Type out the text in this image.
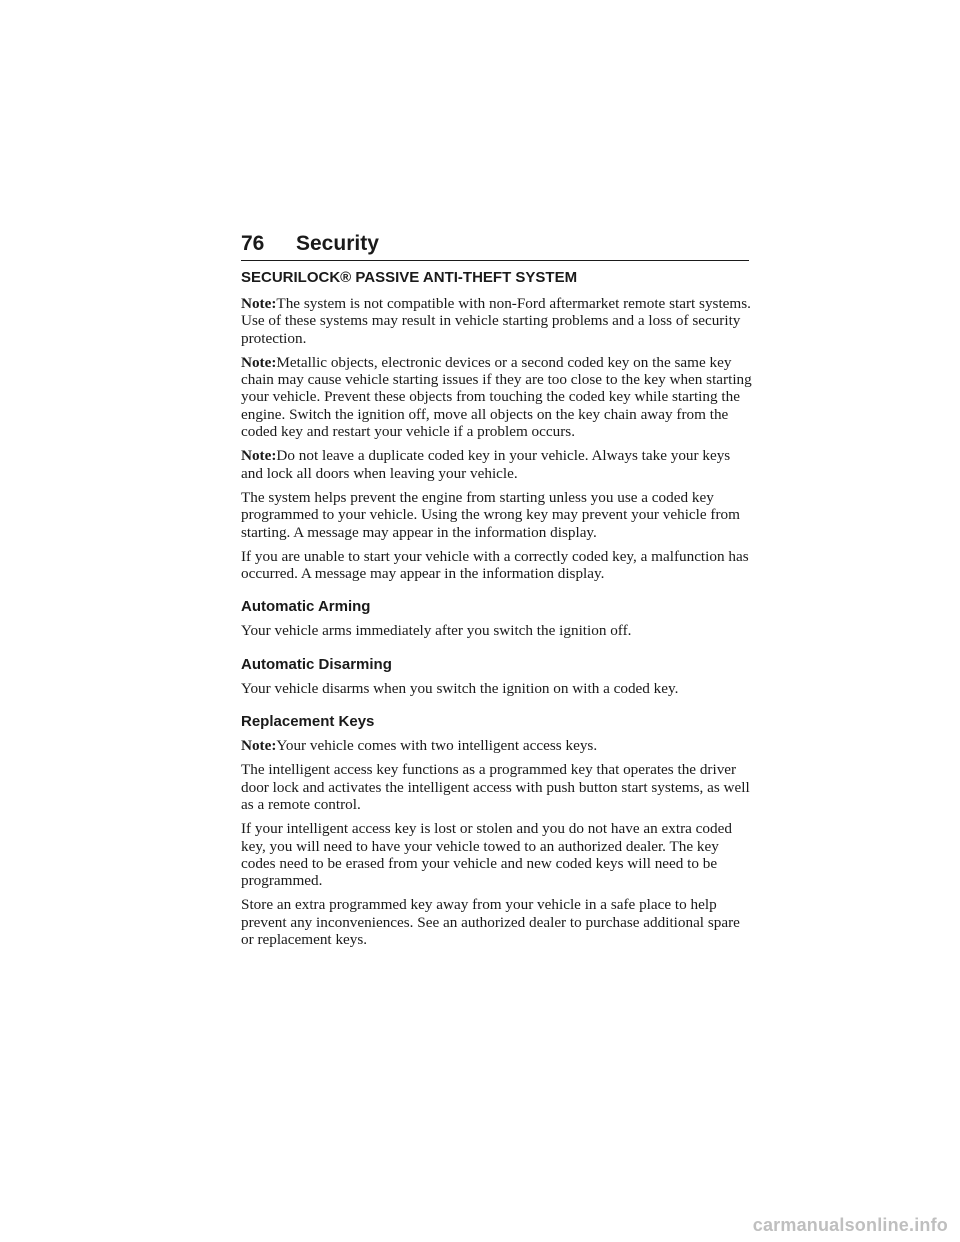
76 Security
SECURILOCK® PASSIVE ANTI-THEFT SYSTEM

Note:The system is not compatible with non-Ford aftermarket remote start systems. Use of these systems may result in vehicle starting problems and a loss of security protection.

Note:Metallic objects, electronic devices or a second coded key on the same key chain may cause vehicle starting issues if they are too close to the key when starting your vehicle. Prevent these objects from touching the coded key while starting the engine. Switch the ignition off, move all objects on the key chain away from the coded key and restart your vehicle if a problem occurs.

Note:Do not leave a duplicate coded key in your vehicle. Always take your keys and lock all doors when leaving your vehicle.

The system helps prevent the engine from starting unless you use a coded key programmed to your vehicle. Using the wrong key may prevent your vehicle from starting. A message may appear in the information display.

If you are unable to start your vehicle with a correctly coded key, a malfunction has occurred. A message may appear in the information display.

Automatic Arming

Your vehicle arms immediately after you switch the ignition off.

Automatic Disarming

Your vehicle disarms when you switch the ignition on with a coded key.

Replacement Keys

Note:Your vehicle comes with two intelligent access keys.

The intelligent access key functions as a programmed key that operates the driver door lock and activates the intelligent access with push button start systems, as well as a remote control.

If your intelligent access key is lost or stolen and you do not have an extra coded key, you will need to have your vehicle towed to an authorized dealer. The key codes need to be erased from your vehicle and new coded keys will need to be programmed.

Store an extra programmed key away from your vehicle in a safe place to help prevent any inconveniences. See an authorized dealer to purchase additional spare or replacement keys.

carmanualsonline.info
